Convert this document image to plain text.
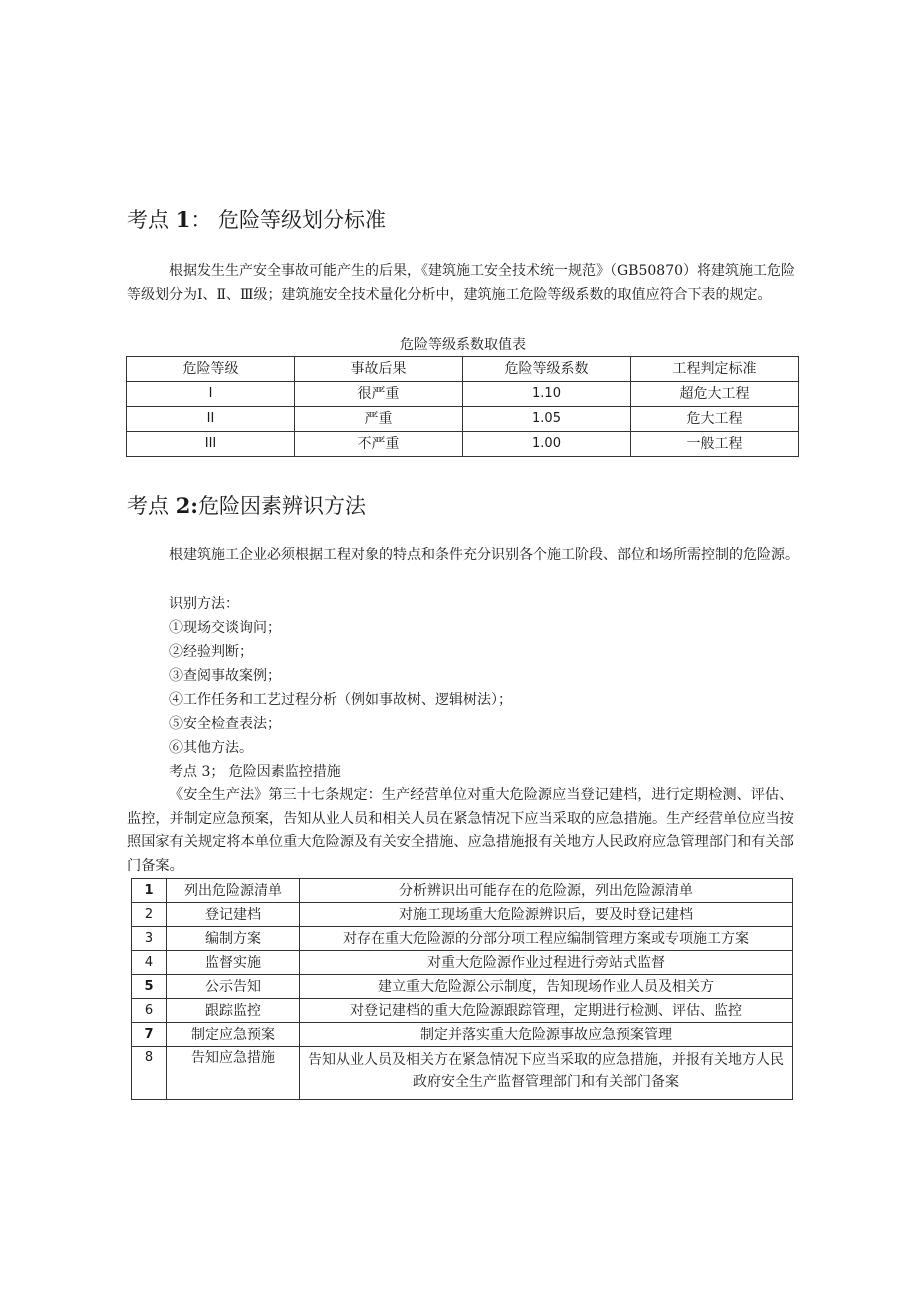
考点 1： 危险等级划分标准

根据发生生产安全事故可能产生的后果，《建筑施工安全技术统一规范》（GB50870）将建筑施工危险等级划分为Ⅰ、Ⅱ、Ⅲ级；建筑施安全技术量化分析中，建筑施工危险等级系数的取值应符合下表的规定。

危险等级系数取值表

危险等级	事故后果	危险等级系数	工程判定标准
I	很严重	1.10	超危大工程
II	严重	1.05	危大工程
III	不严重	1.00	一般工程
考点 2:危险因素辨识方法

根建筑施工企业必须根据工程对象的特点和条件充分识别各个施工阶段、部位和场所需控制的危险源。

识别方法：

①现场交谈询问；

②经验判断；

③查阅事故案例；

④工作任务和工艺过程分析（例如事故树、逻辑树法）；

⑤安全检查表法；

⑥其他方法。

考点 3； 危险因素监控措施

《安全生产法》第三十七条规定：生产经营单位对重大危险源应当登记建档，进行定期检测、评估、监控，并制定应急预案，告知从业人员和相关人员在紧急情况下应当采取的应急措施。生产经营单位应当按照国家有关规定将本单位重大危险源及有关安全措施、应急措施报有关地方人民政府应急管理部门和有关部门备案。

1	列出危险源清单	分析辨识出可能存在的危险源，列出危险源清单
2	登记建档	对施工现场重大危险源辨识后，要及时登记建档
3	编制方案	对存在重大危险源的分部分项工程应编制管理方案或专项施工方案
4	监督实施	对重大危险源作业过程进行旁站式监督
5	公示告知	建立重大危险源公示制度，告知现场作业人员及相关方
6	跟踪监控	对登记建档的重大危险源跟踪管理，定期进行检测、评估、监控
7	制定应急预案	制定并落实重大危险源事故应急预案管理
8	告知应急措施	告知从业人员及相关方在紧急情况下应当采取的应急措施，并报有关地方人民政府安全生产监督管理部门和有关部门备案
